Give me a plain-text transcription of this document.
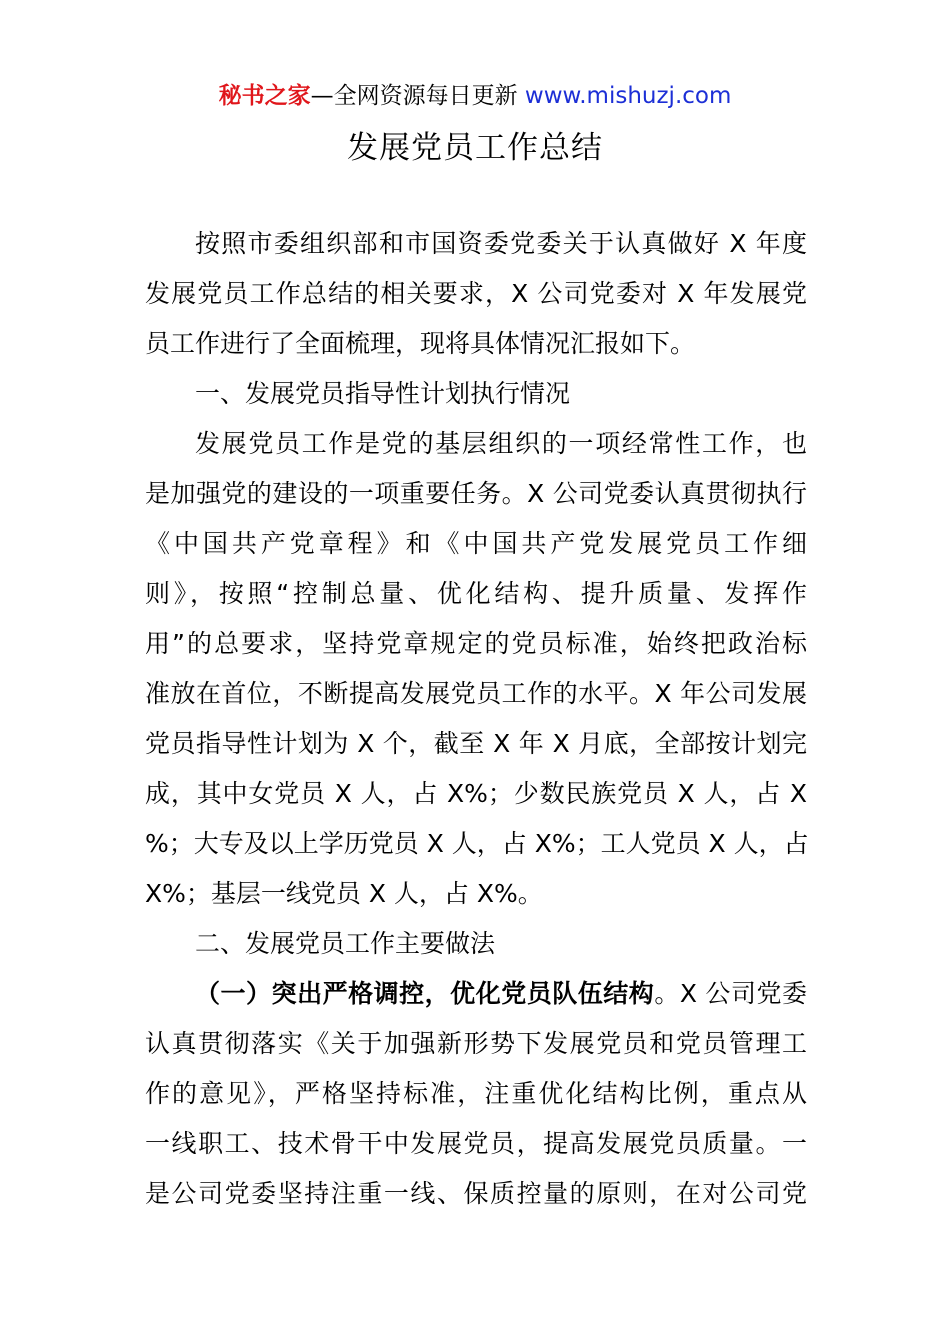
秘书之家—全网资源每日更新 www.mishuzj.com
发展党员工作总结
按照市委组织部和市国资委党委关于认真做好 X 年度
发展党员工作总结的相关要求，X 公司党委对 X 年发展党
员工作进行了全面梳理，现将具体情况汇报如下。
一、发展党员指导性计划执行情况
发展党员工作是党的基层组织的一项经常性工作，也
是加强党的建设的一项重要任务。X 公司党委认真贯彻执行
《中国共产党章程》和《中国共产党发展党员工作细
则》，按照“控制总量、优化结构、提升质量、发挥作
用”的总要求，坚持党章规定的党员标准，始终把政治标
准放在首位，不断提高发展党员工作的水平。X 年公司发展
党员指导性计划为 X 个，截至 X 年 X 月底，全部按计划完
成，其中女党员 X 人，占 X%；少数民族党员 X 人，占 X
%；大专及以上学历党员 X 人，占 X%；工人党员 X 人，占
X%；基层一线党员 X 人，占 X%。
二、发展党员工作主要做法
（一）突出严格调控，优化党员队伍结构。X 公司党委
认真贯彻落实《关于加强新形势下发展党员和党员管理工
作的意见》，严格坚持标准，注重优化结构比例，重点从
一线职工、技术骨干中发展党员，提高发展党员质量。一
是公司党委坚持注重一线、保质控量的原则，在对公司党
